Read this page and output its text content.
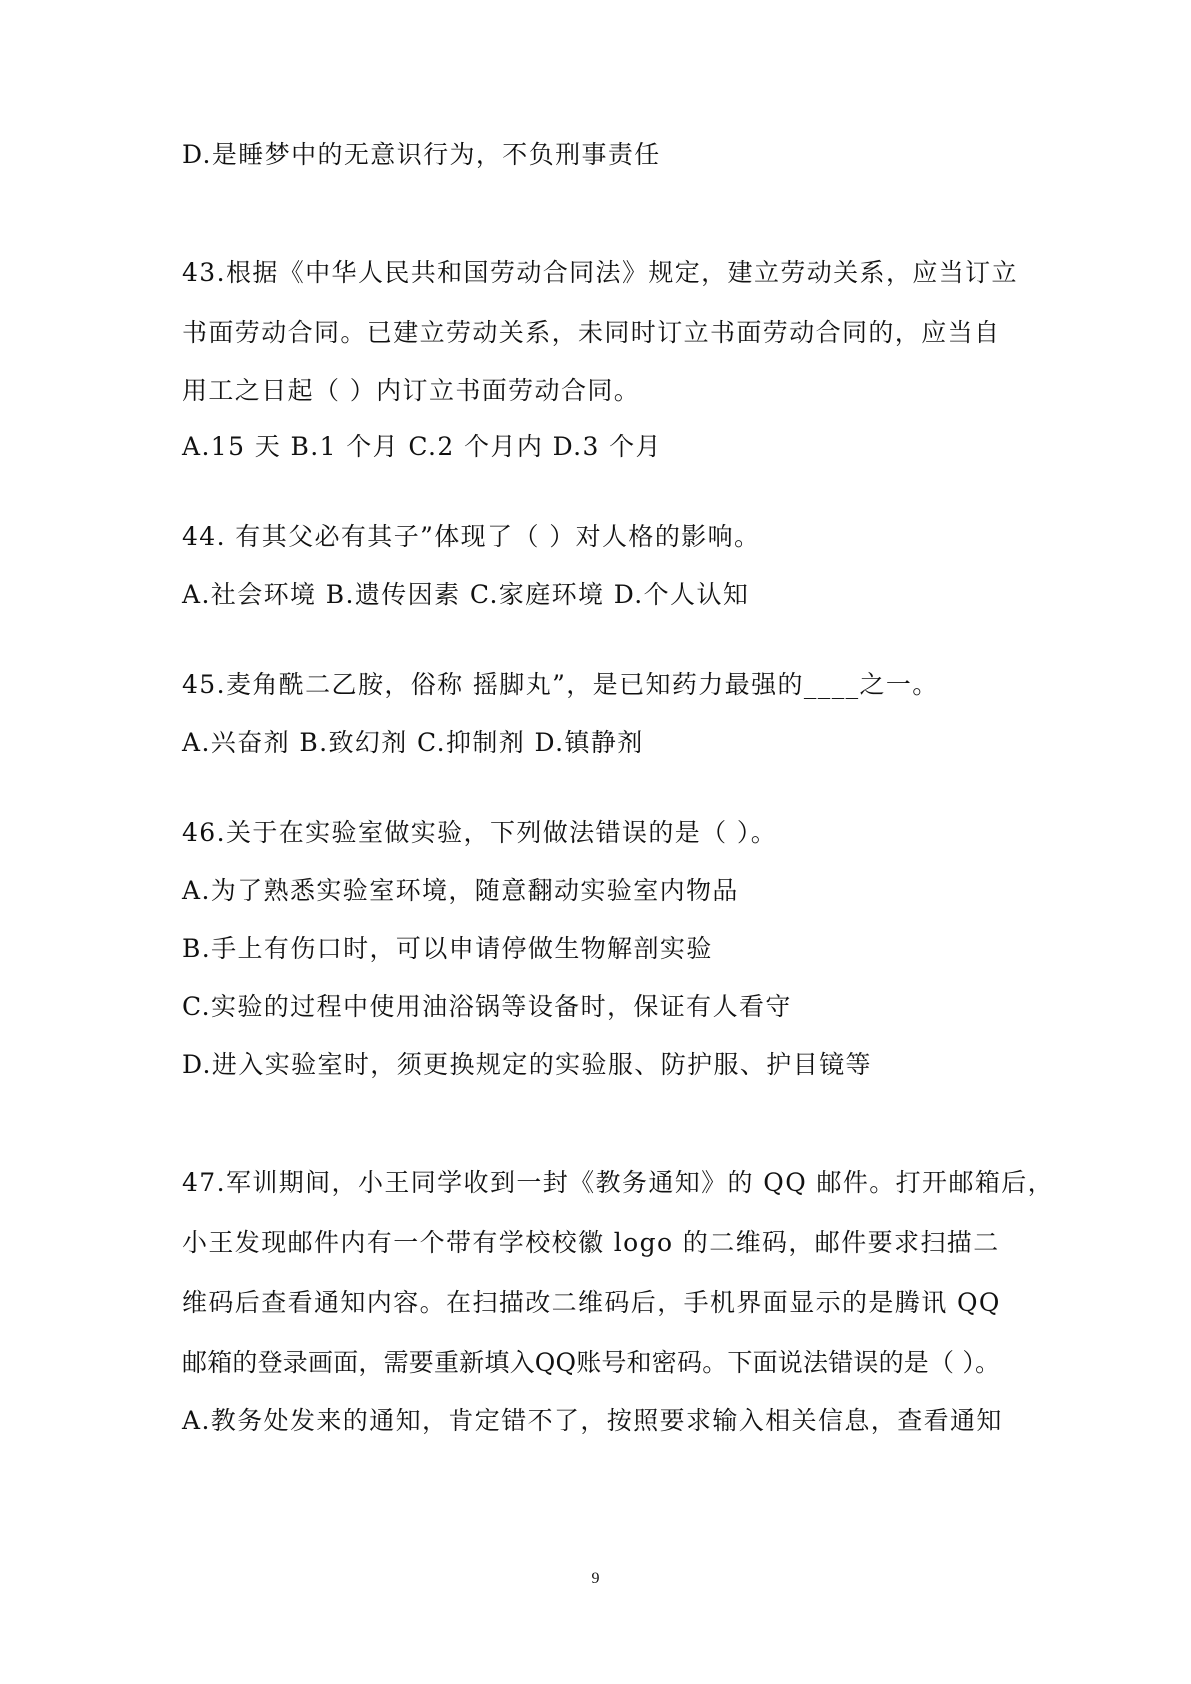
D.是睡梦中的无意识行为，不负刑事责任
43.根据《中华人民共和国劳动合同法》规定，建立劳动关系，应当订立
书面劳动合同。已建立劳动关系，未同时订立书面劳动合同的，应当自
用工之日起（ ）内订立书面劳动合同。
A.15 天 B.1 个月 C.2 个月内 D.3 个月
44. 有其父必有其子”体现了（ ）对人格的影响。
A.社会环境 B.遗传因素 C.家庭环境 D.个人认知
45.麦角酰二乙胺，俗称 摇脚丸”，是已知药力最强的____之一。
A.兴奋剂 B.致幻剂 C.抑制剂 D.镇静剂
46.关于在实验室做实验，下列做法错误的是（ ）。
A.为了熟悉实验室环境，随意翻动实验室内物品
B.手上有伤口时，可以申请停做生物解剖实验
C.实验的过程中使用油浴锅等设备时，保证有人看守
D.进入实验室时，须更换规定的实验服、防护服、护目镜等
47.军训期间，小王同学收到一封《教务通知》的 QQ 邮件。打开邮箱后，
小王发现邮件内有一个带有学校校徽 logo 的二维码，邮件要求扫描二
维码后查看通知内容。在扫描改二维码后，手机界面显示的是腾讯 QQ
邮箱的登录画面，需要重新填入QQ账号和密码。下面说法错误的是（ ）。
A.教务处发来的通知，肯定错不了，按照要求输入相关信息，查看通知
9
